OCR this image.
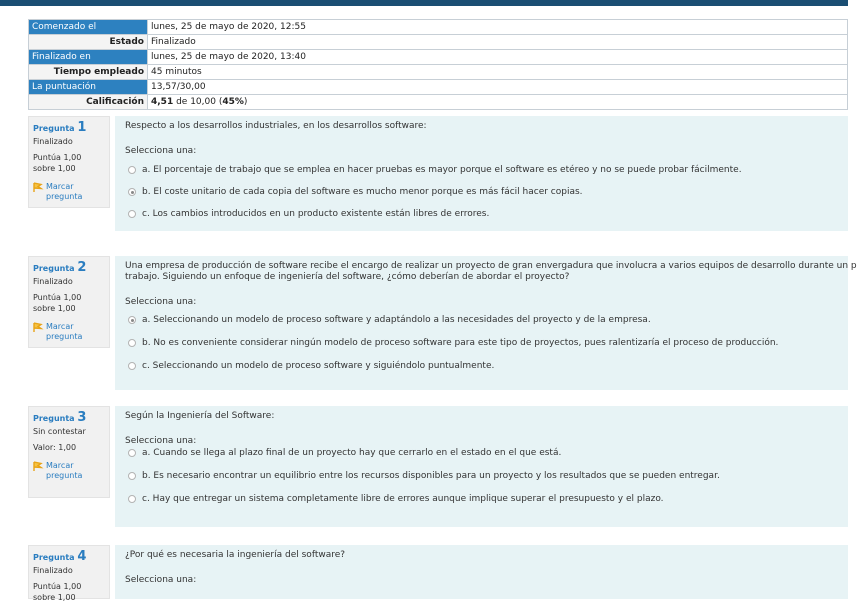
Comenzado el	lunes, 25 de mayo de 2020, 12:55
Estado	Finalizado
Finalizado en	lunes, 25 de mayo de 2020, 13:40
Tiempo empleado	45 minutos
La puntuación	13,57/30,00
Calificación	4,51 de 10,00 (45%)
Pregunta 1
Finalizado
Puntúa 1,00 sobre 1,00
Marcar pregunta
Respecto a los desarrollos industriales, en los desarrollos software:
Selecciona una:
a. El porcentaje de trabajo que se emplea en hacer pruebas es mayor porque el software es etéreo y no se puede probar fácilmente.
b. El coste unitario de cada copia del software es mucho menor porque es más fácil hacer copias.
c. Los cambios introducidos en un producto existente están libres de errores.
Pregunta 2
Finalizado
Puntúa 1,00 sobre 1,00
Marcar pregunta
Una empresa de producción de software recibe el encargo de realizar un proyecto de gran envergadura que involucra a varios equipos de desarrollo durante un p
trabajo. Siguiendo un enfoque de ingeniería del software, ¿cómo deberían de abordar el proyecto?
Selecciona una:
a. Seleccionando un modelo de proceso software y adaptándolo a las necesidades del proyecto y de la empresa.
b. No es conveniente considerar ningún modelo de proceso software para este tipo de proyectos, pues ralentizaría el proceso de producción.
c. Seleccionando un modelo de proceso software y siguiéndolo puntualmente.
Pregunta 3
Sin contestar
Valor: 1,00
Marcar pregunta
Según la Ingeniería del Software:
Selecciona una:
a. Cuando se llega al plazo final de un proyecto hay que cerrarlo en el estado en el que está.
b. Es necesario encontrar un equilibrio entre los recursos disponibles para un proyecto y los resultados que se pueden entregar.
c. Hay que entregar un sistema completamente libre de errores aunque implique superar el presupuesto y el plazo.
Pregunta 4
Finalizado
Puntúa 1,00 sobre 1,00
¿Por qué es necesaria la ingeniería del software?
Selecciona una:
